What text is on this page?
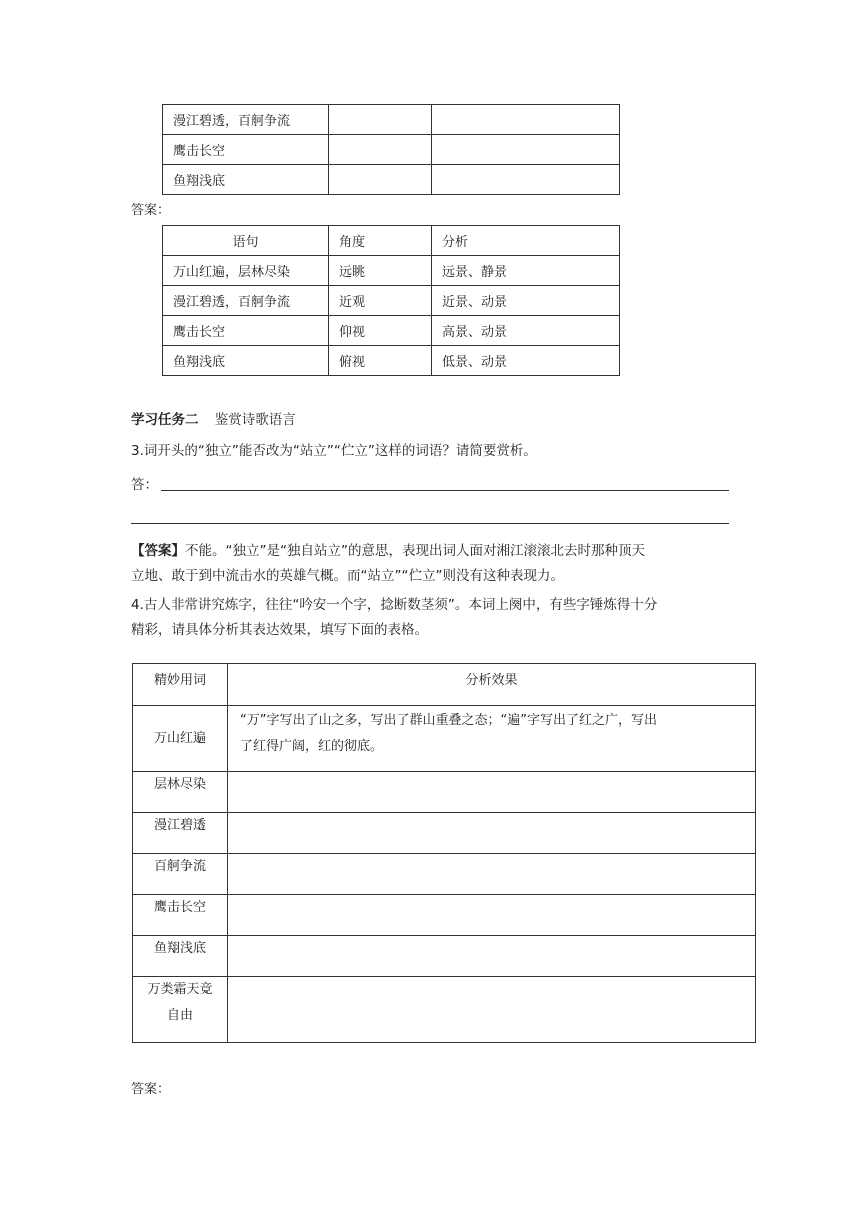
漫江碧透，百舸争流		
鹰击长空		
鱼翔浅底		
答案：
语句	角度	分析
万山红遍，层林尽染	远眺	远景、静景
漫江碧透，百舸争流	近观	近景、动景
鹰击长空	仰视	高景、动景
鱼翔浅底	俯视	低景、动景
学习任务二 鉴赏诗歌语言
3.词开头的“独立”能否改为“站立”“伫立”这样的词语？请简要赏析。
答：
【答案】不能。“独立”是“独自站立”的意思，表现出词人面对湘江滚滚北去时那种顶天
立地、敢于到中流击水的英雄气概。而“站立”“伫立”则没有这种表现力。
4.古人非常讲究炼字，往往“吟安一个字，捻断数茎须”。本词上阕中，有些字锤炼得十分
精彩，请具体分析其表达效果，填写下面的表格。
精妙用词	分析效果
万山红遍 ·	“万”字写出了山之多，写出了群山重叠之态；“遍”字写出了红之广，写出
了红得广阔，红的彻底。

层林尽染	
漫江碧透 ·	
百舸争 ·流	
鹰击 ·长空	
鱼翔 ·浅底	

万类霜天竞 ·
自由

答案：
